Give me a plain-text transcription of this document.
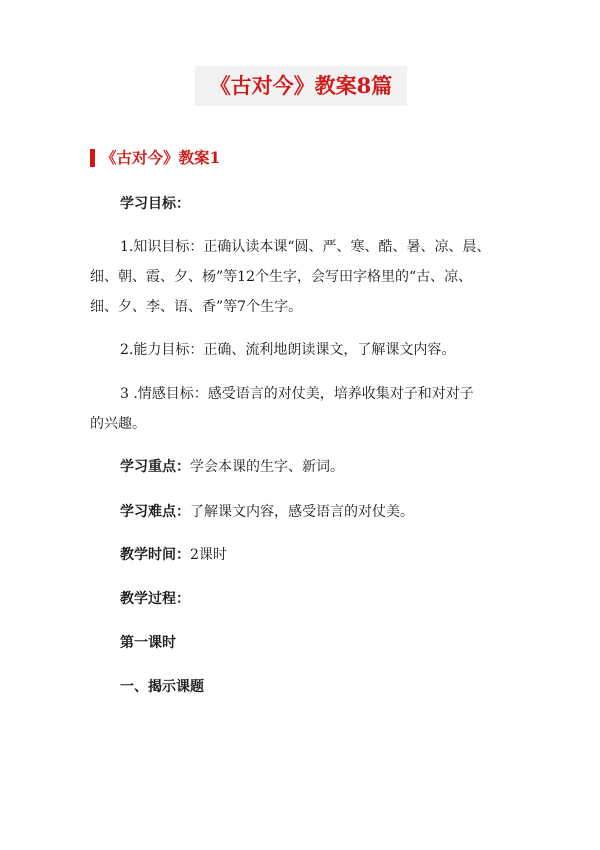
《古对今》教案8篇
《古对今》教案1
学习目标：
1.知识目标：正确认读本课“圆、严、寒、酷、暑、凉、晨、
细、朝、霞、夕、杨”等12个生字，会写田字格里的“古、凉、
细、夕、李、语、香”等7个生字。
2.能力目标：正确、流利地朗读课文，了解课文内容。
3 .情感目标：感受语言的对仗美，培养收集对子和对对子
的兴趣。
学习重点：学会本课的生字、新词。
学习难点：了解课文内容，感受语言的对仗美。
教学时间：2课时
教学过程：
第一课时
一、揭示课题
